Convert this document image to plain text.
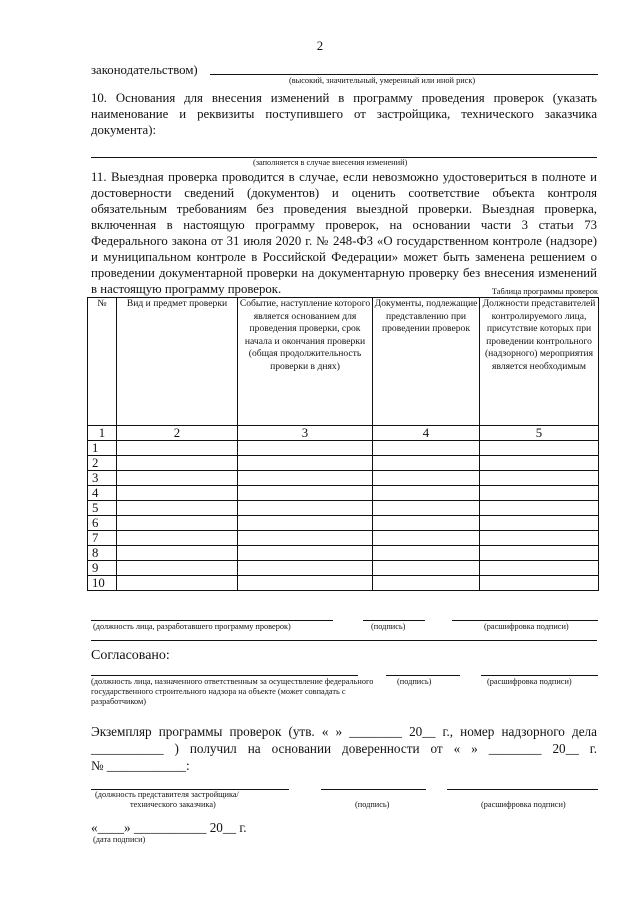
2
законодательством)
(высокий, значительный, умеренный или иной риск)
10. Основания для внесения изменений в программу проведения проверок (указать наименование и реквизиты поступившего от застройщика, технического заказчика документа):
(заполняется в случае внесения изменений)
11. Выездная проверка проводится в случае, если невозможно удостовериться в полноте и достоверности сведений (документов) и оценить соответствие объекта контроля обязательным требованиям без проведения выездной проверки. Выездная проверка, включенная в настоящую программу проверок, на основании части 3 статьи 73 Федерального закона от 31 июля 2020 г. № 248-ФЗ «О государственном контроле (надзоре) и муниципальном контроле в Российской Федерации» может быть заменена решением о проведении документарной проверки на документарную проверку без внесения изменений в настоящую программу проверок.	Таблица программы проверок
№	Вид и предмет проверки	Событие, наступление которого является основанием для проведения проверки, срок начала и окончания проверки (общая продолжительность проверки в днях)	Документы, подлежащие представлению при проведении проверок	Должности представителей контролируемого лица, присутствие которых при проведении контрольного (надзорного) мероприятия является необходимым
1	2	3	4	5
1				
2				
3				
4				
5				
6				
7				
8				
9				
10				
(должность лица, разработавшего программу проверок)	(подпись)	(расшифровка подписи)
Согласовано:
(должность лица, назначенного ответственным за осуществление федерального государственного строительного надзора на объекте (может совпадать с разработчиком)
(подпись)	(расшифровка подписи)
Экземпляр программы проверок (утв. « » ________ 20__ г., номер надзорного дела
___________ ) получил на основании доверенности от « » ________ 20__ г.
№ ____________:
(должность представителя застройщика/
технического заказчика)	(подпись)	(расшифровка подписи)
«____» ___________ 20__ г.
(дата подписи)
